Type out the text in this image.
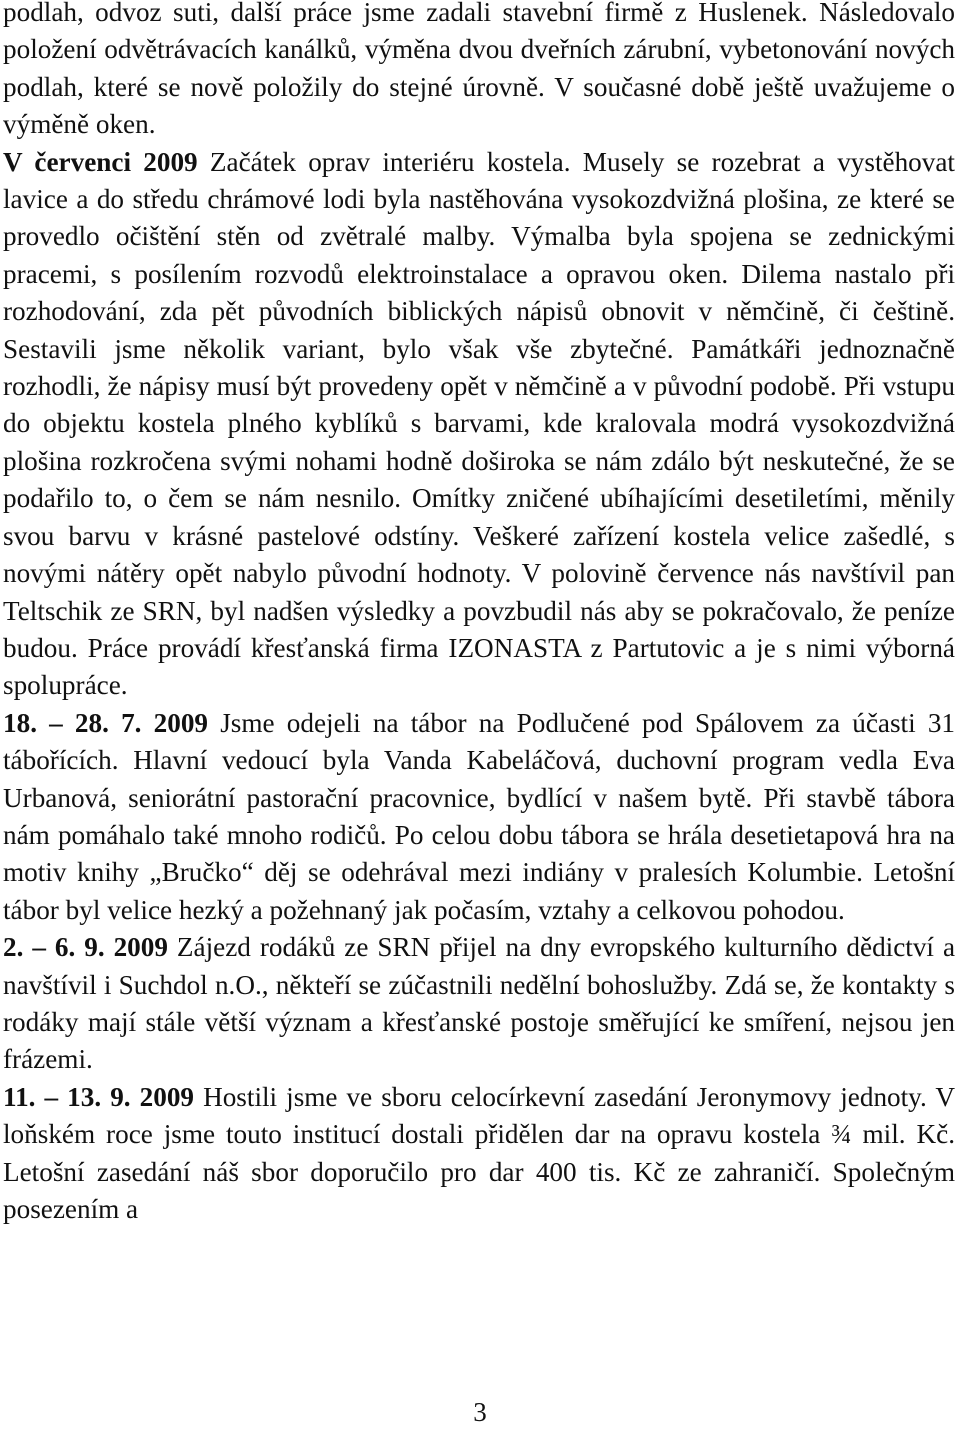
podlah, odvoz suti, další práce jsme zadali stavební firmě z Huslenek. Následovalo položení odvětrávacích kanálků, výměna dvou dveřních zárubní, vybetonování nových podlah, které se nově položily do stejné úrovně. V současné době ještě uvažujeme o výměně oken.

V červenci 2009 Začátek oprav interiéru kostela. Musely se rozebrat a vystěhovat lavice a do středu chrámové lodi byla nastěhována vysokozdvižná plošina, ze které se provedlo očištění stěn od zvětralé malby. Výmalba byla spojena se zednickými pracemi, s posílením rozvodů elektroinstalace a opravou oken. Dilema nastalo při rozhodování, zda pět původních biblických nápisů obnovit v němčině, či češtině. Sestavili jsme několik variant, bylo však vše zbytečné. Památkáři jednoznačně rozhodli, že nápisy musí být provedeny opět v němčině a v původní podobě. Při vstupu do objektu kostela plného kyblíků s barvami, kde kralovala modrá vysokozdvižná plošina rozkročena svými nohami hodně doširoka se nám zdálo být neskutečné, že se podařilo to, o čem se nám nesnilo. Omítky zničené ubíhajícími desetiletími, měnily svou barvu v krásné pastelové odstíny. Veškeré zařízení kostela velice zašedlé, s novými nátěry opět nabylo původní hodnoty. V polovině července nás navštívil pan Teltschik ze SRN, byl nadšen výsledky a povzbudil nás aby se pokračovalo, že peníze budou. Práce provádí křesťanská firma IZONASTA z Partutovic a je s nimi výborná spolupráce.

18. – 28. 7. 2009 Jsme odejeli na tábor na Podlučené pod Spálovem za účasti 31 tábořících. Hlavní vedoucí byla Vanda Kabeláčová, duchovní program vedla Eva Urbanová, seniorátní pastorační pracovnice, bydlící v našem bytě. Při stavbě tábora nám pomáhalo také mnoho rodičů. Po celou dobu tábora se hrála desetietapová hra na motiv knihy „Bručko“ děj se odehrával mezi indiány v pralesích Kolumbie. Letošní tábor byl velice hezký a požehnaný jak počasím, vztahy a celkovou pohodou.

2. – 6. 9. 2009 Zájezd rodáků ze SRN přijel na dny evropského kulturního dědictví a navštívil i Suchdol n.O., někteří se zúčastnili nedělní bohoslužby. Zdá se, že kontakty s rodáky mají stále větší význam a křesťanské postoje směřující ke smíření, nejsou jen frázemi.

11. – 13. 9. 2009 Hostili jsme ve sboru celocírkevní zasedání Jeronymovy jednoty. V loňském roce jsme touto institucí dostali přidělen dar na opravu kostela ¾ mil. Kč. Letošní zasedání náš sbor doporučilo pro dar 400 tis. Kč ze zahraničí. Společným posezením a

3
